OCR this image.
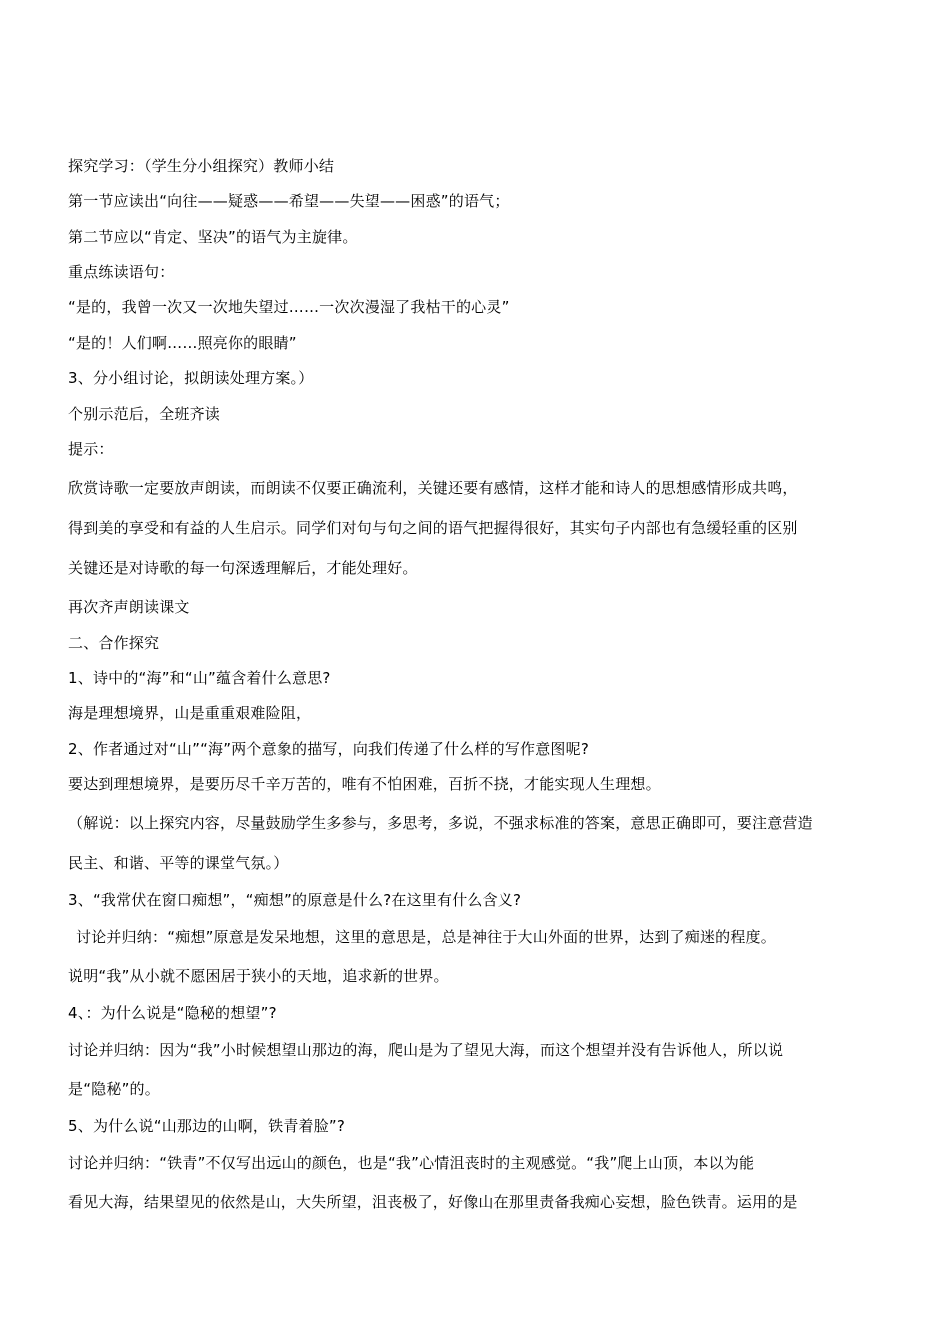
探究学习：（学生分小组探究）教师小结
第一节应读出“向往——疑惑——希望——失望——困惑”的语气；
第二节应以“肯定、坚决”的语气为主旋律。
重点练读语句：
“是的，我曾一次又一次地失望过……一次次漫湿了我枯干的心灵”
“是的！人们啊……照亮你的眼睛”
3、分小组讨论，拟朗读处理方案。）
个别示范后，全班齐读
提示：
欣赏诗歌一定要放声朗读，而朗读不仅要正确流利，关键还要有感情，这样才能和诗人的思想感情形成共鸣，
得到美的享受和有益的人生启示。同学们对句与句之间的语气把握得很好，其实句子内部也有急缓轻重的区别
关键还是对诗歌的每一句深透理解后，才能处理好。
再次齐声朗读课文
二、合作探究
1、诗中的“海”和“山”蕴含着什么意思?
海是理想境界，山是重重艰难险阻，
2、作者通过对“山”“海”两个意象的描写，向我们传递了什么样的写作意图呢?
要达到理想境界，是要历尽千辛万苦的，唯有不怕困难，百折不挠，才能实现人生理想。
（解说：以上探究内容，尽量鼓励学生多参与，多思考，多说，不强求标准的答案，意思正确即可，要注意营造
民主、和谐、平等的课堂气氛。）
3、“我常伏在窗口痴想”，“痴想”的原意是什么?在这里有什么含义?
讨论并归纳：“痴想”原意是发呆地想，这里的意思是，总是神往于大山外面的世界，达到了痴迷的程度。
说明“我”从小就不愿困居于狭小的天地，追求新的世界。
4、：为什么说是“隐秘的想望”?
讨论并归纳：因为“我”小时候想望山那边的海，爬山是为了望见大海，而这个想望并没有告诉他人，所以说
是“隐秘”的。
5、为什么说“山那边的山啊，铁青着脸”?
讨论并归纳：“铁青”不仅写出远山的颜色，也是“我”心情沮丧时的主观感觉。“我”爬上山顶，本以为能
看见大海，结果望见的依然是山，大失所望，沮丧极了，好像山在那里责备我痴心妄想，脸色铁青。运用的是
